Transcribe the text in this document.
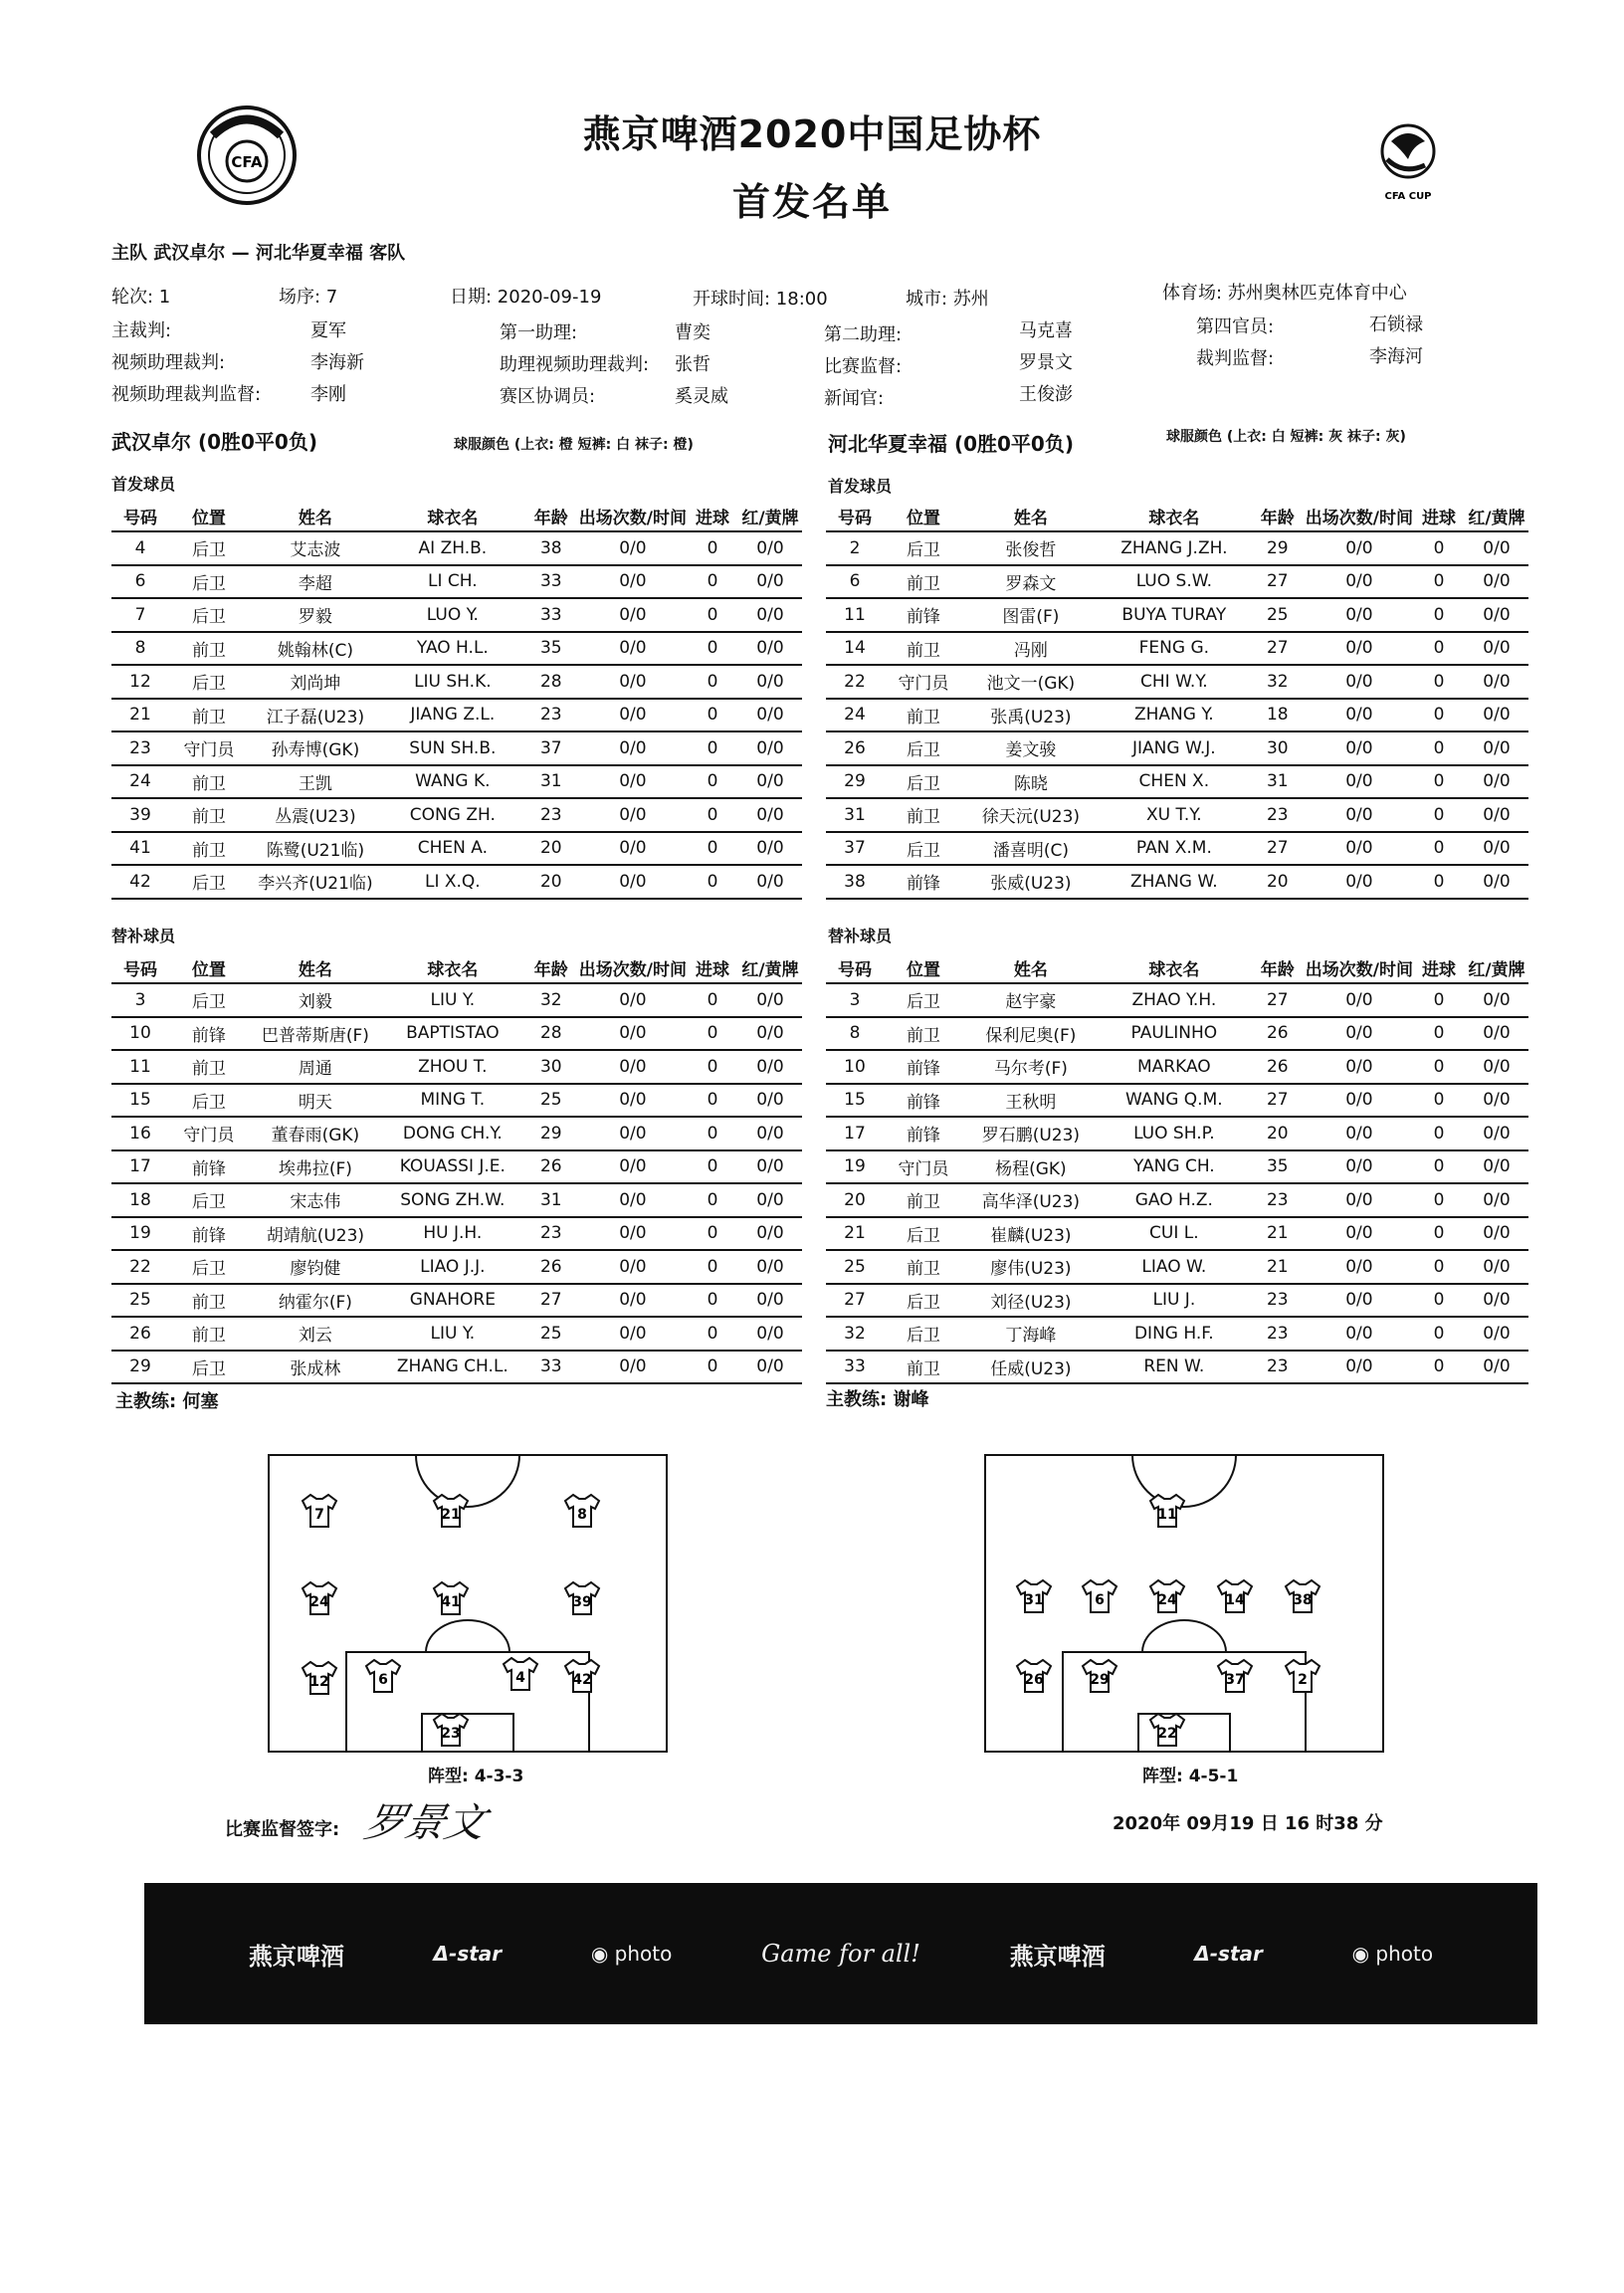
CFA
燕京啤酒2020中国足协杯
首发名单	CFA CUP
主队 武汉卓尔 — 河北华夏幸福 客队
轮次: 1	场序: 7	日期: 2020-09-19	开球时间: 18:00	城市: 苏州	体育场: 苏州奥林匹克体育中心
主裁判:	夏军	第一助理:	曹奕	第二助理:	马克喜	第四官员:	石锁禄
视频助理裁判:	李海新	助理视频助理裁判: 张哲	比赛监督:	罗景文	裁判监督:	李海河
视频助理裁判监督:	李刚	赛区协调员:	奚灵威	新闻官:	王俊澎
武汉卓尔 (0胜0平0负)	球服颜色 (上衣: 橙 短裤: 白 袜子: 橙)	河北华夏幸福 (0胜0平0负)	球服颜色 (上衣: 白 短裤: 灰 袜子: 灰)
首发球员	首发球员
号码	位置	姓名	球衣名	年龄	出场次数/时间	进球	红/黄牌
4	后卫	艾志波	AI ZH.B.	38	0/0	0	0/0
6	后卫	李超	LI CH.	33	0/0	0	0/0
7	后卫	罗毅	LUO Y.	33	0/0	0	0/0
8	前卫	姚翰林(C)	YAO H.L.	35	0/0	0	0/0
12	后卫	刘尚坤	LIU SH.K.	28	0/0	0	0/0
21	前卫	江子磊(U23)	JIANG Z.L.	23	0/0	0	0/0
23	守门员	孙寿博(GK)	SUN SH.B.	37	0/0	0	0/0
24	前卫	王凯	WANG K.	31	0/0	0	0/0
39	前卫	丛震(U23)	CONG ZH.	23	0/0	0	0/0
41	前卫	陈鹭(U21临)	CHEN A.	20	0/0	0	0/0
42	后卫	李兴齐(U21临)	LI X.Q.	20	0/0	0	0/0
号码	位置	姓名	球衣名	年龄	出场次数/时间	进球	红/黄牌
2	后卫	张俊哲	ZHANG J.ZH.	29	0/0	0	0/0
6	前卫	罗森文	LUO S.W.	27	0/0	0	0/0
11	前锋	图雷(F)	BUYA TURAY	25	0/0	0	0/0
14	前卫	冯刚	FENG G.	27	0/0	0	0/0
22	守门员	池文一(GK)	CHI W.Y.	32	0/0	0	0/0
24	前卫	张禹(U23)	ZHANG Y.	18	0/0	0	0/0
26	后卫	姜文骏	JIANG W.J.	30	0/0	0	0/0
29	后卫	陈晓	CHEN X.	31	0/0	0	0/0
31	前卫	徐天沅(U23)	XU T.Y.	23	0/0	0	0/0
37	后卫	潘喜明(C)	PAN X.M.	27	0/0	0	0/0
38	前锋	张威(U23)	ZHANG W.	20	0/0	0	0/0
替补球员	替补球员
号码	位置	姓名	球衣名	年龄	出场次数/时间	进球	红/黄牌
3	后卫	刘毅	LIU Y.	32	0/0	0	0/0
10	前锋	巴普蒂斯唐(F)	BAPTISTAO	28	0/0	0	0/0
11	前卫	周通	ZHOU T.	30	0/0	0	0/0
15	后卫	明天	MING T.	25	0/0	0	0/0
16	守门员	董春雨(GK)	DONG CH.Y.	29	0/0	0	0/0
17	前锋	埃弗拉(F)	KOUASSI J.E.	26	0/0	0	0/0
18	后卫	宋志伟	SONG ZH.W.	31	0/0	0	0/0
19	前锋	胡靖航(U23)	HU J.H.	23	0/0	0	0/0
22	后卫	廖钧健	LIAO J.J.	26	0/0	0	0/0
25	前卫	纳霍尔(F)	GNAHORE	27	0/0	0	0/0
26	前卫	刘云	LIU Y.	25	0/0	0	0/0
29	后卫	张成林	ZHANG CH.L.	33	0/0	0	0/0
号码	位置	姓名	球衣名	年龄	出场次数/时间	进球	红/黄牌
3	后卫	赵宇豪	ZHAO Y.H.	27	0/0	0	0/0
8	前卫	保利尼奥(F)	PAULINHO	26	0/0	0	0/0
10	前锋	马尔考(F)	MARKAO	26	0/0	0	0/0
15	前锋	王秋明	WANG Q.M.	27	0/0	0	0/0
17	前锋	罗石鹏(U23)	LUO SH.P.	20	0/0	0	0/0
19	守门员	杨程(GK)	YANG CH.	35	0/0	0	0/0
20	前卫	高华泽(U23)	GAO H.Z.	23	0/0	0	0/0
21	后卫	崔麟(U23)	CUI L.	21	0/0	0	0/0
25	前卫	廖伟(U23)	LIAO W.	21	0/0	0	0/0
27	后卫	刘径(U23)	LIU J.	23	0/0	0	0/0
32	后卫	丁海峰	DING H.F.	23	0/0	0	0/0
33	前卫	任威(U23)	REN W.	23	0/0	0	0/0
主教练: 何塞	主教练: 谢峰
7	21	8
24	41	39
12	6	4	42
23
阵型: 4-3-3
11
31	6	24	14	38
26	29	37	2
22
阵型: 4-5-1
比赛监督签字: 罗景文	2020年 09月19 日 16 时38 分
燕京啤酒	Δ-star	◉ photo	Game for all!	燕京啤酒	Δ-star	◉ photo
